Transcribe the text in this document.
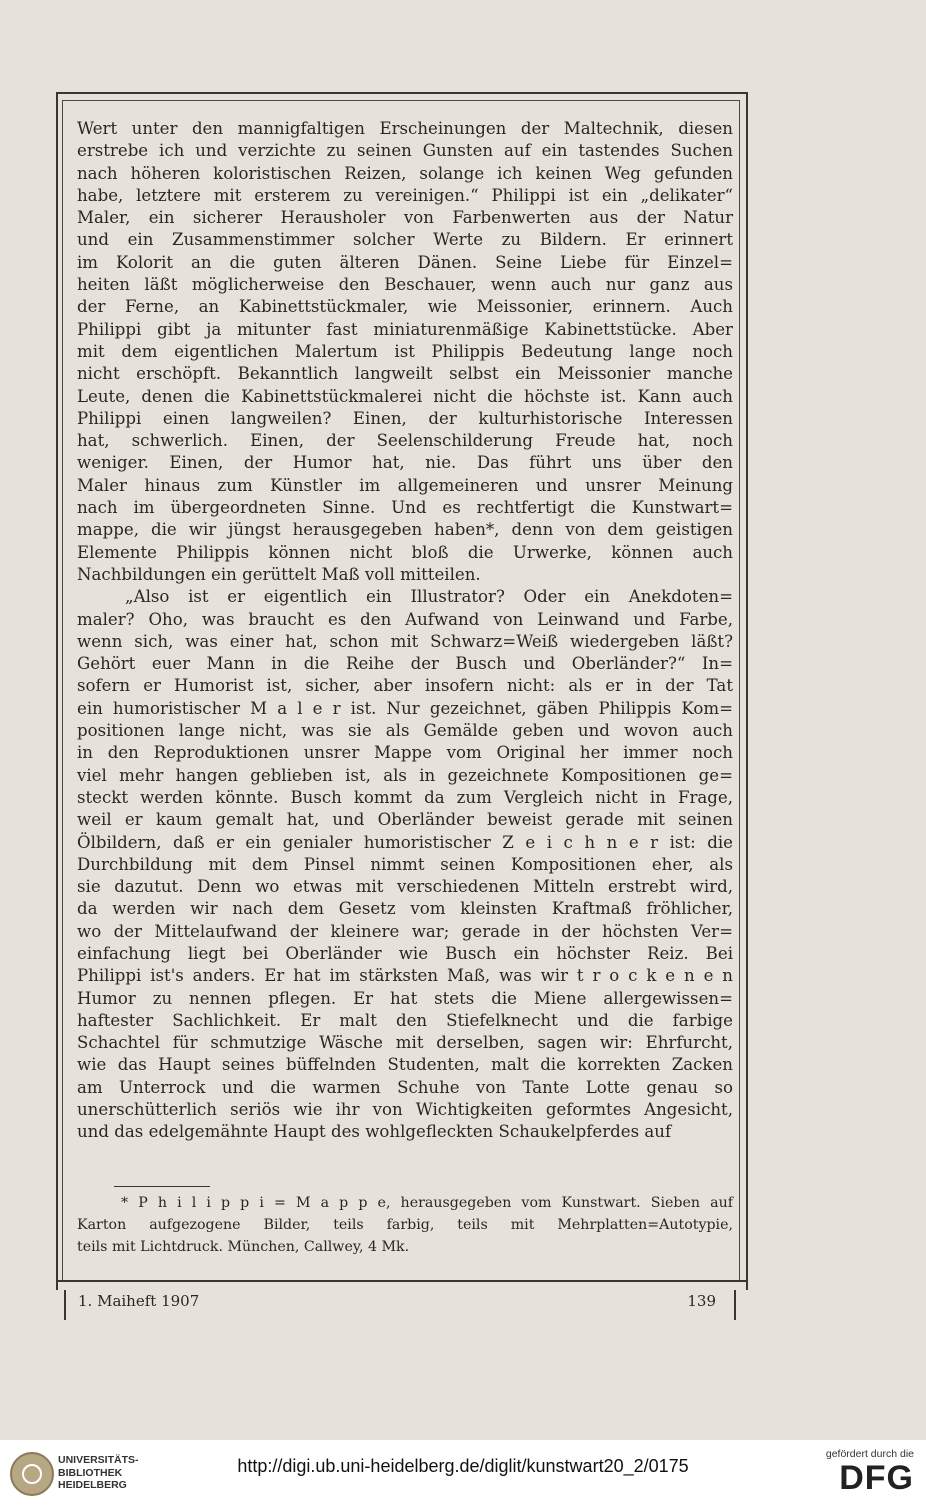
Wert unter den mannigfaltigen Erscheinungen der Maltechnik, diesen
erstrebe ich und verzichte zu seinen Gunsten auf ein tastendes Suchen
nach höheren koloristischen Reizen, solange ich keinen Weg gefunden
habe, letztere mit ersterem zu vereinigen.“ Philippi ist ein „delikater“
Maler, ein sicherer Herausholer von Farbenwerten aus der Natur
und ein Zusammenstimmer solcher Werte zu Bildern. Er erinnert
im Kolorit an die guten älteren Dänen. Seine Liebe für Einzel=
heiten läßt möglicherweise den Beschauer, wenn auch nur ganz aus
der Ferne, an Kabinettstückmaler, wie Meissonier, erinnern. Auch
Philippi gibt ja mitunter fast miniaturenmäßige Kabinettstücke. Aber
mit dem eigentlichen Malertum ist Philippis Bedeutung lange noch
nicht erschöpft. Bekanntlich langweilt selbst ein Meissonier manche
Leute, denen die Kabinettstückmalerei nicht die höchste ist. Kann auch
Philippi einen langweilen? Einen, der kulturhistorische Interessen
hat, schwerlich. Einen, der Seelenschilderung Freude hat, noch
weniger. Einen, der Humor hat, nie. Das führt uns über den
Maler hinaus zum Künstler im allgemeineren und unsrer Meinung
nach im übergeordneten Sinne. Und es rechtfertigt die Kunstwart=
mappe, die wir jüngst herausgegeben haben*, denn von dem geistigen
Elemente Philippis können nicht bloß die Urwerke, können auch
Nachbildungen ein gerüttelt Maß voll mitteilen.
„Also ist er eigentlich ein Illustrator? Oder ein Anekdoten=
maler? Oho, was braucht es den Aufwand von Leinwand und Farbe,
wenn sich, was einer hat, schon mit Schwarz=Weiß wiedergeben läßt?
Gehört euer Mann in die Reihe der Busch und Oberländer?“ In=
sofern er Humorist ist, sicher, aber insofern nicht: als er in der Tat
ein humoristischer M a l e r ist. Nur gezeichnet, gäben Philippis Kom=
positionen lange nicht, was sie als Gemälde geben und wovon auch
in den Reproduktionen unsrer Mappe vom Original her immer noch
viel mehr hangen geblieben ist, als in gezeichnete Kompositionen ge=
steckt werden könnte. Busch kommt da zum Vergleich nicht in Frage,
weil er kaum gemalt hat, und Oberländer beweist gerade mit seinen
Ölbildern, daß er ein genialer humoristischer Z e i c h n e r ist: die
Durchbildung mit dem Pinsel nimmt seinen Kompositionen eher, als
sie dazutut. Denn wo etwas mit verschiedenen Mitteln erstrebt wird,
da werden wir nach dem Gesetz vom kleinsten Kraftmaß fröhlicher,
wo der Mittelaufwand der kleinere war; gerade in der höchsten Ver=
einfachung liegt bei Oberländer wie Busch ein höchster Reiz. Bei
Philippi ist's anders. Er hat im stärksten Maß, was wir t r o c k e n e n
Humor zu nennen pflegen. Er hat stets die Miene allergewissen=
haftester Sachlichkeit. Er malt den Stiefelknecht und die farbige
Schachtel für schmutzige Wäsche mit derselben, sagen wir: Ehrfurcht,
wie das Haupt seines büffelnden Studenten, malt die korrekten Zacken
am Unterrock und die warmen Schuhe von Tante Lotte genau so
unerschütterlich seriös wie ihr von Wichtigkeiten geformtes Angesicht,
und das edelgemähnte Haupt des wohlgefleckten Schaukelpferdes auf
* P h i l i p p i = M a p p e, herausgegeben vom Kunstwart. Sieben auf
Karton aufgezogene Bilder, teils farbig, teils mit Mehrplatten=Autotypie,
teils mit Lichtdruck. München, Callwey, 4 Mk.
1. Maiheft 1907	139
UNIVERSITÄTS-
BIBLIOTHEK
HEIDELBERG
http://digi.ub.uni-heidelberg.de/diglit/kunstwart20_2/0175
gefördert durch die
DFG
